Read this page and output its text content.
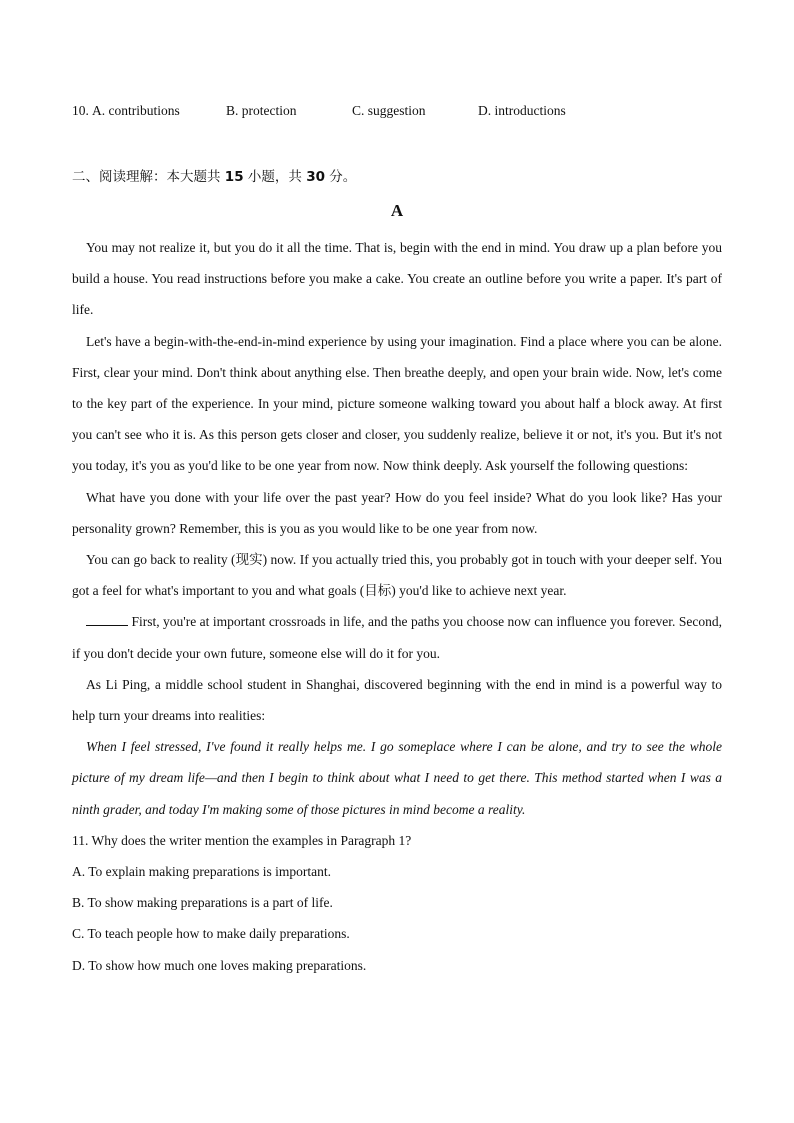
10. A. contributions	B. protection	C. suggestion	D. introductions
二、阅读理解：本大题共 15 小题，共 30 分。
A

You may not realize it, but you do it all the time. That is, begin with the end in mind. You draw up a plan before you build a house. You read instructions before you make a cake. You create an outline before you write a paper. It's part of life.

Let's have a begin-with-the-end-in-mind experience by using your imagination. Find a place where you can be alone. First, clear your mind. Don't think about anything else. Then breathe deeply, and open your brain wide. Now, let's come to the key part of the experience. In your mind, picture someone walking toward you about half a block away. At first you can't see who it is. As this person gets closer and closer, you suddenly realize, believe it or not, it's you. But it's not you today, it's you as you'd like to be one year from now. Now think deeply. Ask yourself the following questions:

What have you done with your life over the past year? How do you feel inside? What do you look like? Has your personality grown? Remember, this is you as you would like to be one year from now.

You can go back to reality (现实) now. If you actually tried this, you probably got in touch with your deeper self. You got a feel for what's important to you and what goals (目标) you'd like to achieve next year.

First, you're at important crossroads in life, and the paths you choose now can influence you forever. Second, if you don't decide your own future, someone else will do it for you.

As Li Ping, a middle school student in Shanghai, discovered beginning with the end in mind is a powerful way to help turn your dreams into realities:

When I feel stressed, I've found it really helps me. I go someplace where I can be alone, and try to see the whole picture of my dream life—and then I begin to think about what I need to get there. This method started when I was a ninth grader, and today I'm making some of those pictures in mind become a reality.

11. Why does the writer mention the examples in Paragraph 1?

A. To explain making preparations is important.

B. To show making preparations is a part of life.

C. To teach people how to make daily preparations.

D. To show how much one loves making preparations.
